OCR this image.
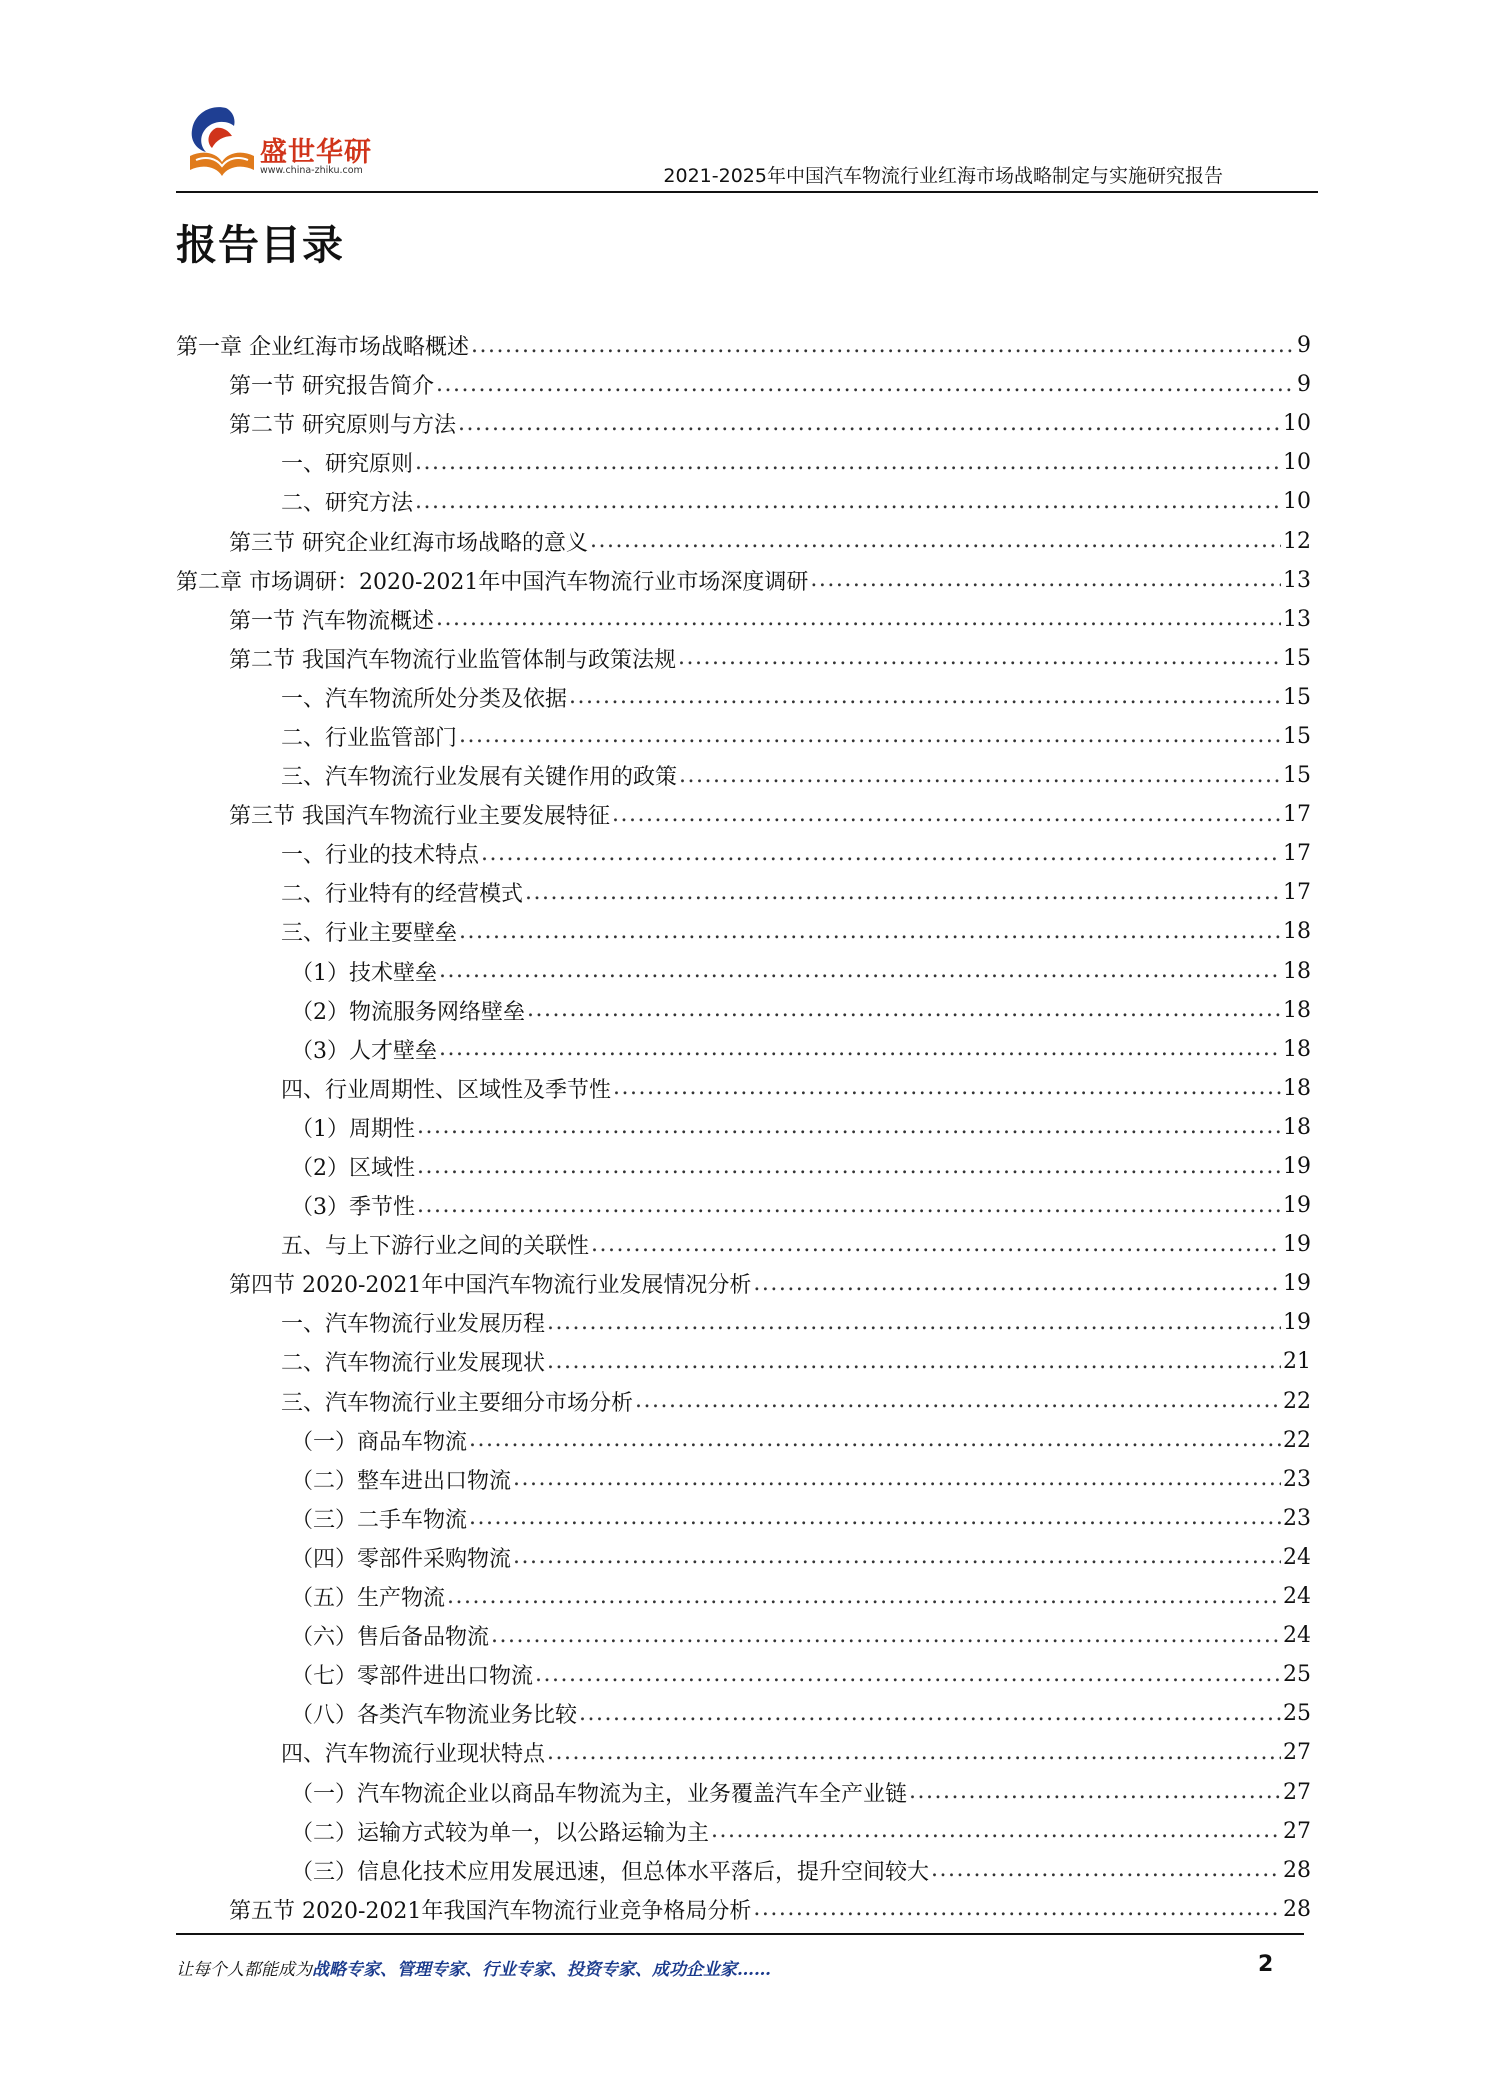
盛世华研
www.china-zhiku.com	2021-2025年中国汽车物流行业红海市场战略制定与实施研究报告
报告目录
第一章 企业红海市场战略概述 .....	9
第一节 研究报告简介 .....	9
第二节 研究原则与方法 .....	10
一、研究原则 .....	10
二、研究方法 .....	10
第三节 研究企业红海市场战略的意义 .....	12
第二章 市场调研：2020-2021年中国汽车物流行业市场深度调研 .....	13
第一节 汽车物流概述 .....	13
第二节 我国汽车物流行业监管体制与政策法规 .....	15
一、汽车物流所处分类及依据 .....	15
二、行业监管部门 .....	15
三、汽车物流行业发展有关键作用的政策 .....	15
第三节 我国汽车物流行业主要发展特征 .....	17
一、行业的技术特点 .....	17
二、行业特有的经营模式 .....	17
三、行业主要壁垒 .....	18
（1）技术壁垒 .....	18
（2）物流服务网络壁垒 .....	18
（3）人才壁垒 .....	18
四、行业周期性、区域性及季节性 .....	18
（1）周期性 .....	18
（2）区域性 .....	19
（3）季节性 .....	19
五、与上下游行业之间的关联性 .....	19
第四节 2020-2021年中国汽车物流行业发展情况分析 .....	19
一、汽车物流行业发展历程 .....	19
二、汽车物流行业发展现状 .....	21
三、汽车物流行业主要细分市场分析 .....	22
（一）商品车物流 .....	22
（二）整车进出口物流 .....	23
（三）二手车物流 .....	23
（四）零部件采购物流 .....	24
（五）生产物流 .....	24
（六）售后备品物流 .....	24
（七）零部件进出口物流 .....	25
（八）各类汽车物流业务比较 .....	25
四、汽车物流行业现状特点 .....	27
（一）汽车物流企业以商品车物流为主，业务覆盖汽车全产业链 .....	27
（二）运输方式较为单一，以公路运输为主 .....	27
（三）信息化技术应用发展迅速，但总体水平落后，提升空间较大 .....	28
第五节 2020-2021年我国汽车物流行业竞争格局分析 .....	28
让每个人都能成为战略专家、管理专家、行业专家、投资专家、成功企业家……	2
